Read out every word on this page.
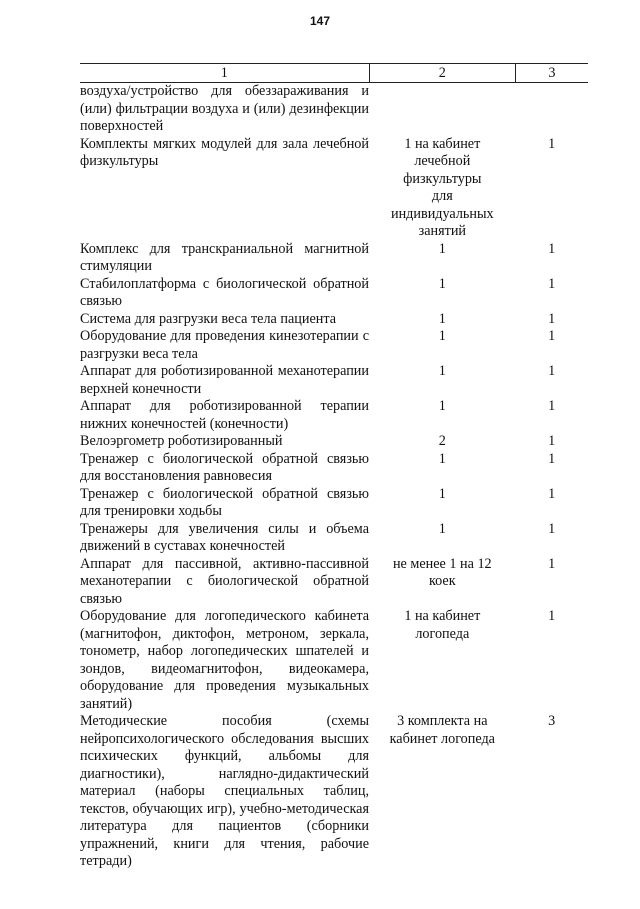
147
1	2	3
воздуха/устройство для обеззараживания и (или) фильтрации воздуха и (или) дезинфекции поверхностей		
Комплекты мягких модулей для зала лечебной физкультуры	1 на кабинет лечебной физкультуры для индивидуальных занятий	1
Комплекс для транскраниальной магнитной стимуляции	1	1
Стабилоплатформа с биологической обратной связью	1	1
Система для разгрузки веса тела пациента	1	1
Оборудование для проведения кинезотерапии с разгрузки веса тела	1	1
Аппарат для роботизированной механотерапии верхней конечности	1	1
Аппарат для роботизированной терапии нижних конечностей (конечности)	1	1
Велоэргометр роботизированный	2	1
Тренажер с биологической обратной связью для восстановления равновесия	1	1
Тренажер с биологической обратной связью для тренировки ходьбы	1	1
Тренажеры для увеличения силы и объема движений в суставах конечностей	1	1
Аппарат для пассивной, активно-пассивной механотерапии с биологической обратной связью	не менее 1 на 12 коек	1
Оборудование для логопедического кабинета (магнитофон, диктофон, метроном, зеркала, тонометр, набор логопедических шпателей и зондов, видеомагнитофон, видеокамера, оборудование для проведения музыкальных занятий)	1 на кабинет логопеда	1
Методические пособия (схемы нейропсихологического обследования высших психических функций, альбомы для диагностики), наглядно-дидактический материал (наборы специальных таблиц, текстов, обучающих игр), учебно-методическая литература для пациентов (сборники упражнений, книги для чтения, рабочие тетради)	3 комплекта на кабинет логопеда	3
